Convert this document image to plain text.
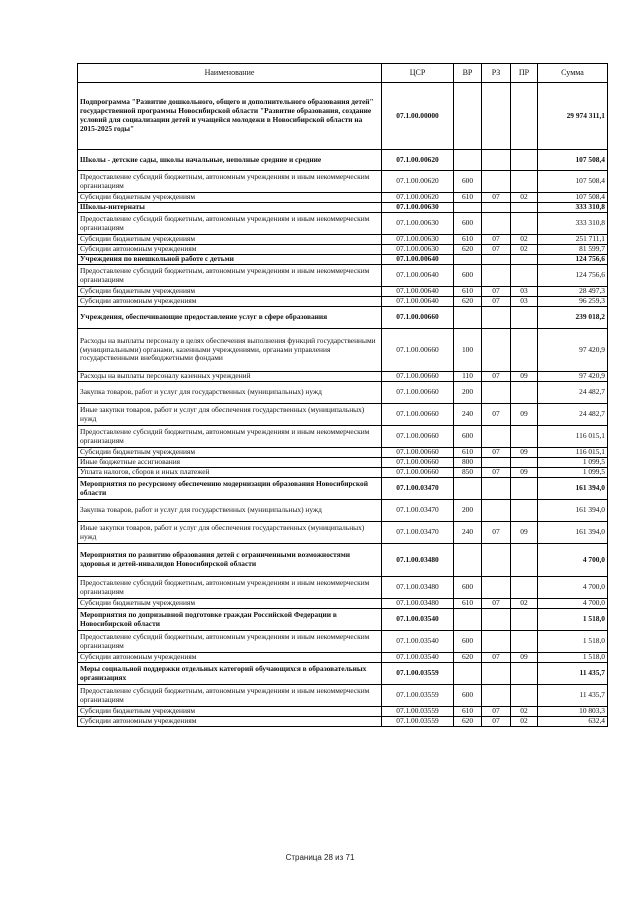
Наименование	ЦСР	ВР	РЗ	ПР	Сумма
Подпрограмма "Развитие дошкольного, общего и дополнительного образования детей" государственной программы Новосибирской области "Развитие образования, создание условий для социализации детей и учащейся молодежи в Новосибирской области на 2015-2025 годы"	07.1.00.00000				29 974 311,1
Школы - детские сады, школы начальные, неполные средние и средние	07.1.00.00620				107 508,4
Предоставление субсидий бюджетным, автономным учреждениям и иным некоммерческим организациям	07.1.00.00620	600			107 508,4
Субсидии бюджетным учреждениям	07.1.00.00620	610	07	02	107 508,4
Школы-интернаты	07.1.00.00630				333 310,8
Предоставление субсидий бюджетным, автономным учреждениям и иным некоммерческим организациям	07.1.00.00630	600			333 310,8
Субсидии бюджетным учреждениям	07.1.00.00630	610	07	02	251 711,1
Субсидии автономным учреждениям	07.1.00.00630	620	07	02	81 599,7
Учреждения по внешкольной работе с детьми	07.1.00.00640				124 756,6
Предоставление субсидий бюджетным, автономным учреждениям и иным некоммерческим организациям	07.1.00.00640	600			124 756,6
Субсидии бюджетным учреждениям	07.1.00.00640	610	07	03	28 497,3
Субсидии автономным учреждениям	07.1.00.00640	620	07	03	96 259,3
Учреждения, обеспечивающие предоставление услуг в сфере образования	07.1.00.00660				239 018,2
Расходы на выплаты персоналу в целях обеспечения выполнения функций государственными (муниципальными) органами, казенными учреждениями, органами управления государственными внебюджетными фондами	07.1.00.00660	100			97 420,9
Расходы на выплаты персоналу казенных учреждений	07.1.00.00660	110	07	09	97 420,9
Закупка товаров, работ и услуг для государственных (муниципальных) нужд	07.1.00.00660	200			24 482,7
Иные закупки товаров, работ и услуг для обеспечения государственных (муниципальных) нужд	07.1.00.00660	240	07	09	24 482,7
Предоставление субсидий бюджетным, автономным учреждениям и иным некоммерческим организациям	07.1.00.00660	600			116 015,1
Субсидии бюджетным учреждениям	07.1.00.00660	610	07	09	116 015,1
Иные бюджетные ассигнования	07.1.00.00660	800			1 099,5
Уплата налогов, сборов и иных платежей	07.1.00.00660	850	07	09	1 099,5
Мероприятия по ресурсному обеспечению модернизации образования Новосибирской области	07.1.00.03470				161 394,0
Закупка товаров, работ и услуг для государственных (муниципальных) нужд	07.1.00.03470	200			161 394,0
Иные закупки товаров, работ и услуг для обеспечения государственных (муниципальных) нужд	07.1.00.03470	240	07	09	161 394,0
Мероприятия по развитию образования детей с ограниченными возможностями здоровья и детей-инвалидов Новосибирской области	07.1.00.03480				4 700,0
Предоставление субсидий бюджетным, автономным учреждениям и иным некоммерческим организациям	07.1.00.03480	600			4 700,0
Субсидии бюджетным учреждениям	07.1.00.03480	610	07	02	4 700,0
Мероприятия по допризывной подготовке граждан Российской Федерации в Новосибирской области	07.1.00.03540				1 518,0
Предоставление субсидий бюджетным, автономным учреждениям и иным некоммерческим организациям	07.1.00.03540	600			1 518,0
Субсидии автономным учреждениям	07.1.00.03540	620	07	09	1 518,0
Меры социальной поддержки отдельных категорий обучающихся в образовательных организациях	07.1.00.03559				11 435,7
Предоставление субсидий бюджетным, автономным учреждениям и иным некоммерческим организациям	07.1.00.03559	600			11 435,7
Субсидии бюджетным учреждениям	07.1.00.03559	610	07	02	10 803,3
Субсидии автономным учреждениям	07.1.00.03559	620	07	02	632,4
Страница 28 из 71
